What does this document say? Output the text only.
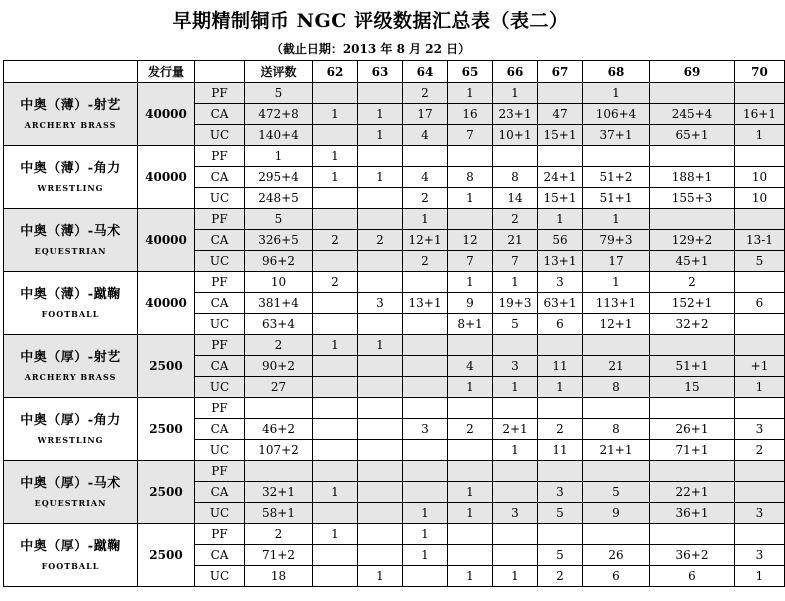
早期精制铜币 NGC 评级数据汇总表（表二）
（截止日期：2013 年 8 月 22 日）
	发行量		送评数	62	63	64	65	66	67	68	69	70

中奥（薄）-射艺
ARCHERY BRASS	40000	PF	5			2	1	1		1		
		CA	472+8	1	1	17	16	23+1	47	106+4	245+4	16+1
		UC	140+4		1	4	7	10+1	15+1	37+1	65+1	1

中奥（薄）-角力
WRESTLING	40000	PF	1	1								
		CA	295+4	1	1	4	8	8	24+1	51+2	188+1	10
		UC	248+5			2	1	14	15+1	51+1	155+3	10

中奥（薄）-马术
EQUESTRIAN	40000	PF	5			1		2	1	1		
		CA	326+5	2	2	12+1	12	21	56	79+3	129+2	13-1
		UC	96+2			2	7	7	13+1	17	45+1	5

中奥（薄）-蹴鞠
FOOTBALL	40000	PF	10	2			1	1	3	1	2	
		CA	381+4		3	13+1	9	19+3	63+1	113+1	152+1	6
		UC	63+4				8+1	5	6	12+1	32+2	

中奥（厚）-射艺
ARCHERY BRASS	2500	PF	2	1	1							
		CA	90+2				4	3	11	21	51+1	+1
		UC	27				1	1	1	8	15	1

中奥（厚）-角力
WRESTLING	2500	PF										
		CA	46+2			3	2	2+1	2	8	26+1	3
		UC	107+2					1	11	21+1	71+1	2

中奥（厚）-马术
EQUESTRIAN	2500	PF										
		CA	32+1	1			1		3	5	22+1	
		UC	58+1			1	1	3	5	9	36+1	3

中奥（厚）-蹴鞠
FOOTBALL	2500	PF	2	1		1						
		CA	71+2			1			5	26	36+2	3
		UC	18		1		1	1	2	6	6	1
